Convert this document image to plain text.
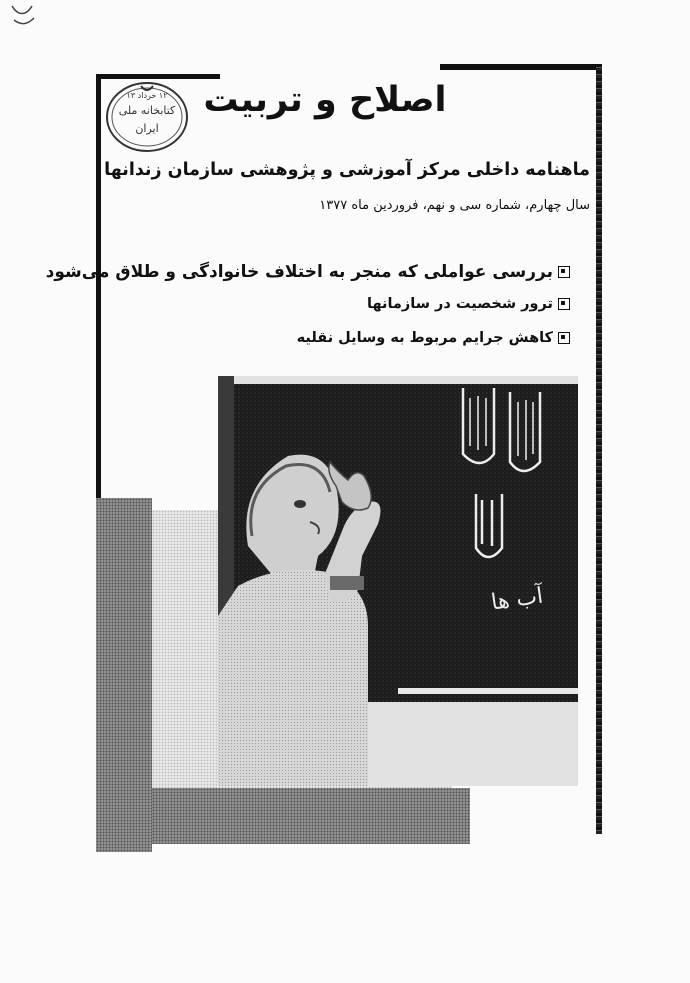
۱۲ خرداد ۱۳
کتابخانه ملی
ایران
اصلاح و تربیت
ماهنامه داخلی مرکز آموزشی و پژوهشی سازمان زندانها
سال چهارم، شماره سی و نهم، فروردین ماه ۱۳۷۷
بررسی عواملی که منجر به اختلاف خانوادگی و طلاق می‌شود
ترور شخصیت در سازمانها
کاهش جرایم مربوط به وسایل نقلیه
آب ها
